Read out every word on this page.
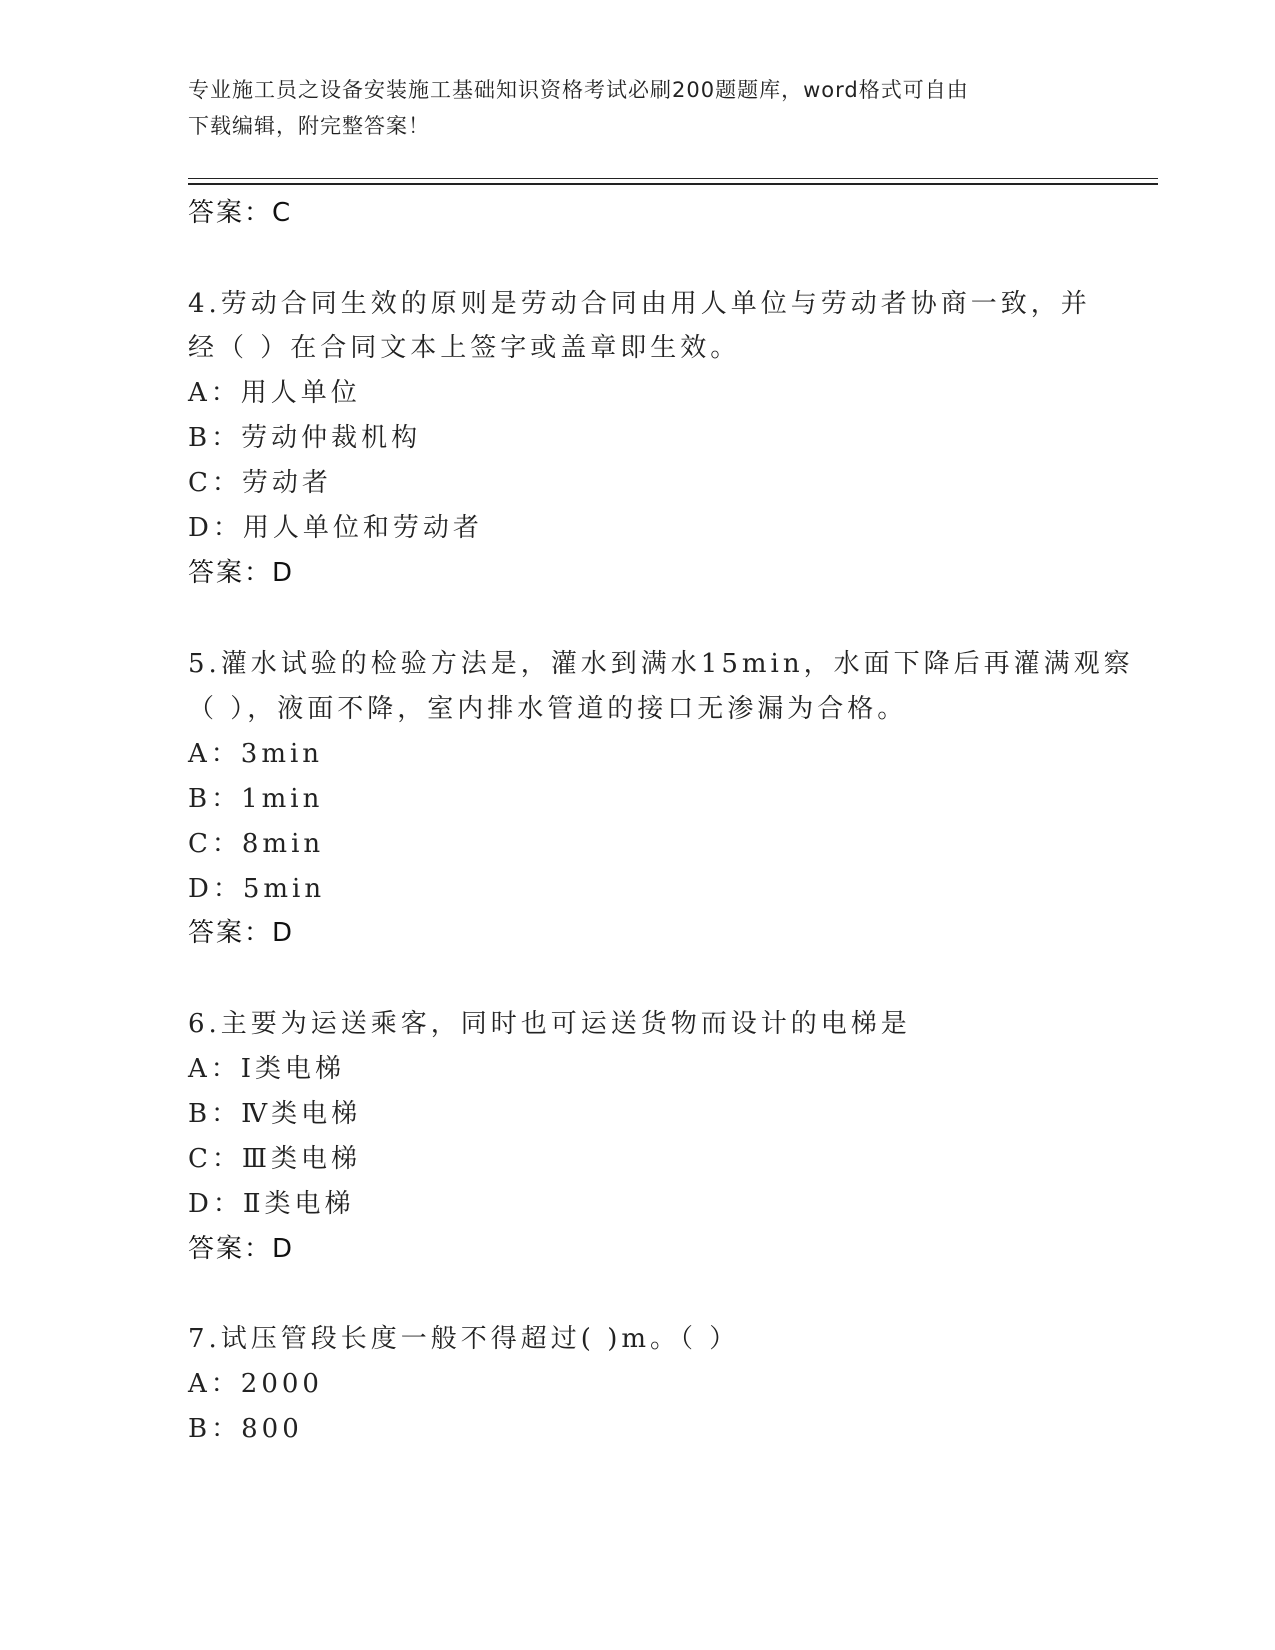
专业施工员之设备安装施工基础知识资格考试必刷200题题库，word格式可自由
下载编辑，附完整答案！
答案：C
4.劳动合同生效的原则是劳动合同由用人单位与劳动者协商一致，并
经（ ）在合同文本上签字或盖章即生效。
A：用人单位
B：劳动仲裁机构
C：劳动者
D：用人单位和劳动者
答案：D
5.灌水试验的检验方法是，灌水到满水15min，水面下降后再灌满观察
（ ），液面不降，室内排水管道的接口无渗漏为合格。
A：3min
B：1min
C：8min
D：5min
答案：D
6.主要为运送乘客，同时也可运送货物而设计的电梯是
A：Ⅰ类电梯
B：Ⅳ类电梯
C：Ⅲ类电梯
D：Ⅱ类电梯
答案：D
7.试压管段长度一般不得超过( )m。（ ）
A：2000
B：800
